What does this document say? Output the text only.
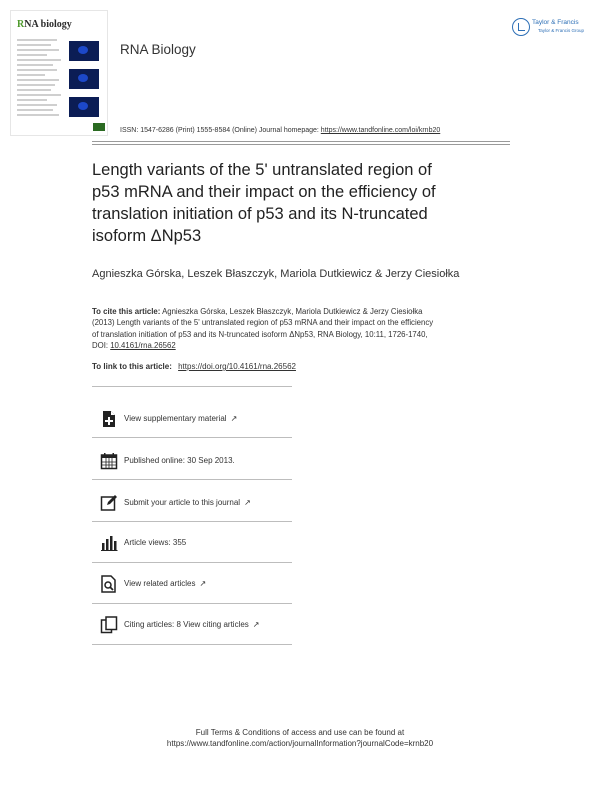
RNA biology
RNA Biology
Taylor & Francis
Taylor & Francis Group
ISSN: 1547-6286 (Print) 1555-8584 (Online) Journal homepage: https://www.tandfonline.com/loi/krnb20
Length variants of the 5' untranslated region of
p53 mRNA and their impact on the efficiency of
translation initiation of p53 and its N-truncated
isoform ΔNp53
Agnieszka Górska, Leszek Błaszczyk, Mariola Dutkiewicz & Jerzy Ciesiołka
To cite this article: Agnieszka Górska, Leszek Błaszczyk, Mariola Dutkiewicz & Jerzy Ciesiołka
(2013) Length variants of the 5' untranslated region of p53 mRNA and their impact on the efficiency
of translation initiation of p53 and its N-truncated isoform ΔNp53, RNA Biology, 10:11, 1726-1740,
DOI: 10.4161/rna.26562
To link to this article: https://doi.org/10.4161/rna.26562
View supplementary material ↗
Published online: 30 Sep 2013.
Submit your article to this journal ↗
Article views: 355
View related articles ↗
Citing articles: 8 View citing articles ↗
Full Terms & Conditions of access and use can be found at
https://www.tandfonline.com/action/journalInformation?journalCode=krnb20
